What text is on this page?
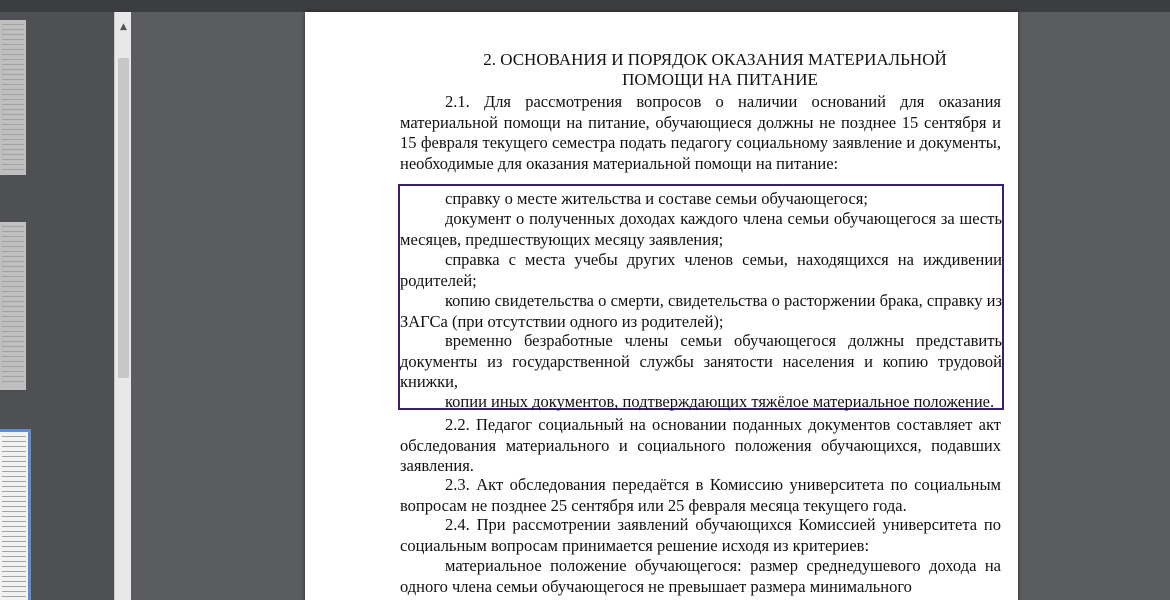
▲
2. ОСНОВАНИЯ И ПОРЯДОК ОКАЗАНИЯ МАТЕРИАЛЬНОЙ
ПОМОЩИ НА ПИТАНИЕ
2.1. Для рассмотрения вопросов о наличии оснований для оказания материальной помощи на питание, обучающиеся должны не позднее 15 сентября и 15 февраля текущего семестра подать педагогу социальному заявление и документы, необходимые для оказания материальной помощи на питание:
справку о месте жительства и составе семьи обучающегося;
документ о полученных доходах каждого члена семьи обучающегося за шесть месяцев, предшествующих месяцу заявления;
справка с места учебы других членов семьи, находящихся на иждивении родителей;
копию свидетельства о смерти, свидетельства о расторжении брака, справку из ЗАГСа (при отсутствии одного из родителей);
временно безработные члены семьи обучающегося должны представить документы из государственной службы занятости населения и копию трудовой книжки,
копии иных документов, подтверждающих тяжёлое материальное положение.
2.2. Педагог социальный на основании поданных документов составляет акт обследования материального и социального положения обучающихся, подавших заявления.
2.3. Акт обследования передаётся в Комиссию университета по социальным вопросам не позднее 25 сентября или 25 февраля месяца текущего года.
2.4. При рассмотрении заявлений обучающихся Комиссией университета по социальным вопросам принимается решение исходя из критериев:
материальное положение обучающегося: размер среднедушевого дохода на одного члена семьи обучающегося не превышает размера минимального
